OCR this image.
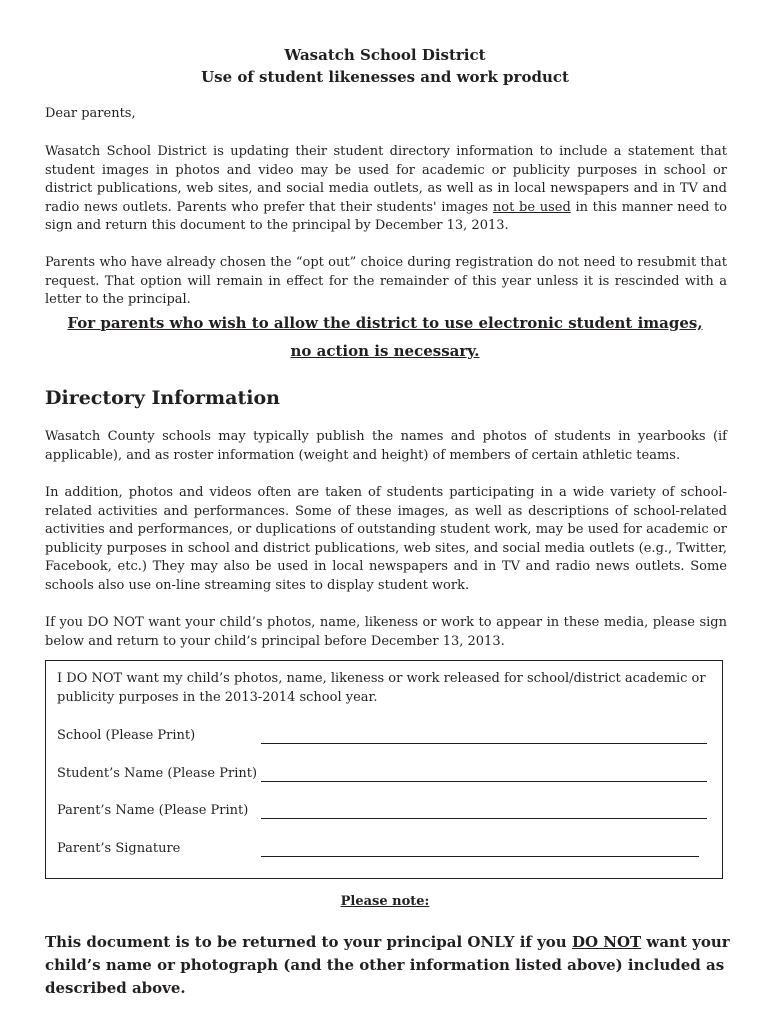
Wasatch School District
Use of student likenesses and work product
Dear parents,
Wasatch School District is updating their student directory information to include a statement that student images in photos and video may be used for academic or publicity purposes in school or district publications, web sites, and social media outlets, as well as in local newspapers and in TV and radio news outlets. Parents who prefer that their students' images not be used in this manner need to sign and return this document to the principal by December 13, 2013.
Parents who have already chosen the “opt out” choice during registration do not need to resubmit that request. That option will remain in effect for the remainder of this year unless it is rescinded with a letter to the principal.
For parents who wish to allow the district to use electronic student images,
no action is necessary.
Directory Information
Wasatch County schools may typically publish the names and photos of students in yearbooks (if applicable), and as roster information (weight and height) of members of certain athletic teams.
In addition, photos and videos often are taken of students participating in a wide variety of school-related activities and performances. Some of these images, as well as descriptions of school-related activities and performances, or duplications of outstanding student work, may be used for academic or publicity purposes in school and district publications, web sites, and social media outlets (e.g., Twitter, Facebook, etc.) They may also be used in local newspapers and in TV and radio news outlets. Some schools also use on-line streaming sites to display student work.
If you DO NOT want your child’s photos, name, likeness or work to appear in these media, please sign below and return to your child’s principal before December 13, 2013.
I DO NOT want my child’s photos, name, likeness or work released for school/district academic or publicity purposes in the 2013-2014 school year.
School (Please Print)
Student’s Name (Please Print)
Parent’s Name (Please Print)
Parent’s Signature
Please note:
This document is to be returned to your principal ONLY if you DO NOT want your child’s name or photograph (and the other information listed above) included as described above.
